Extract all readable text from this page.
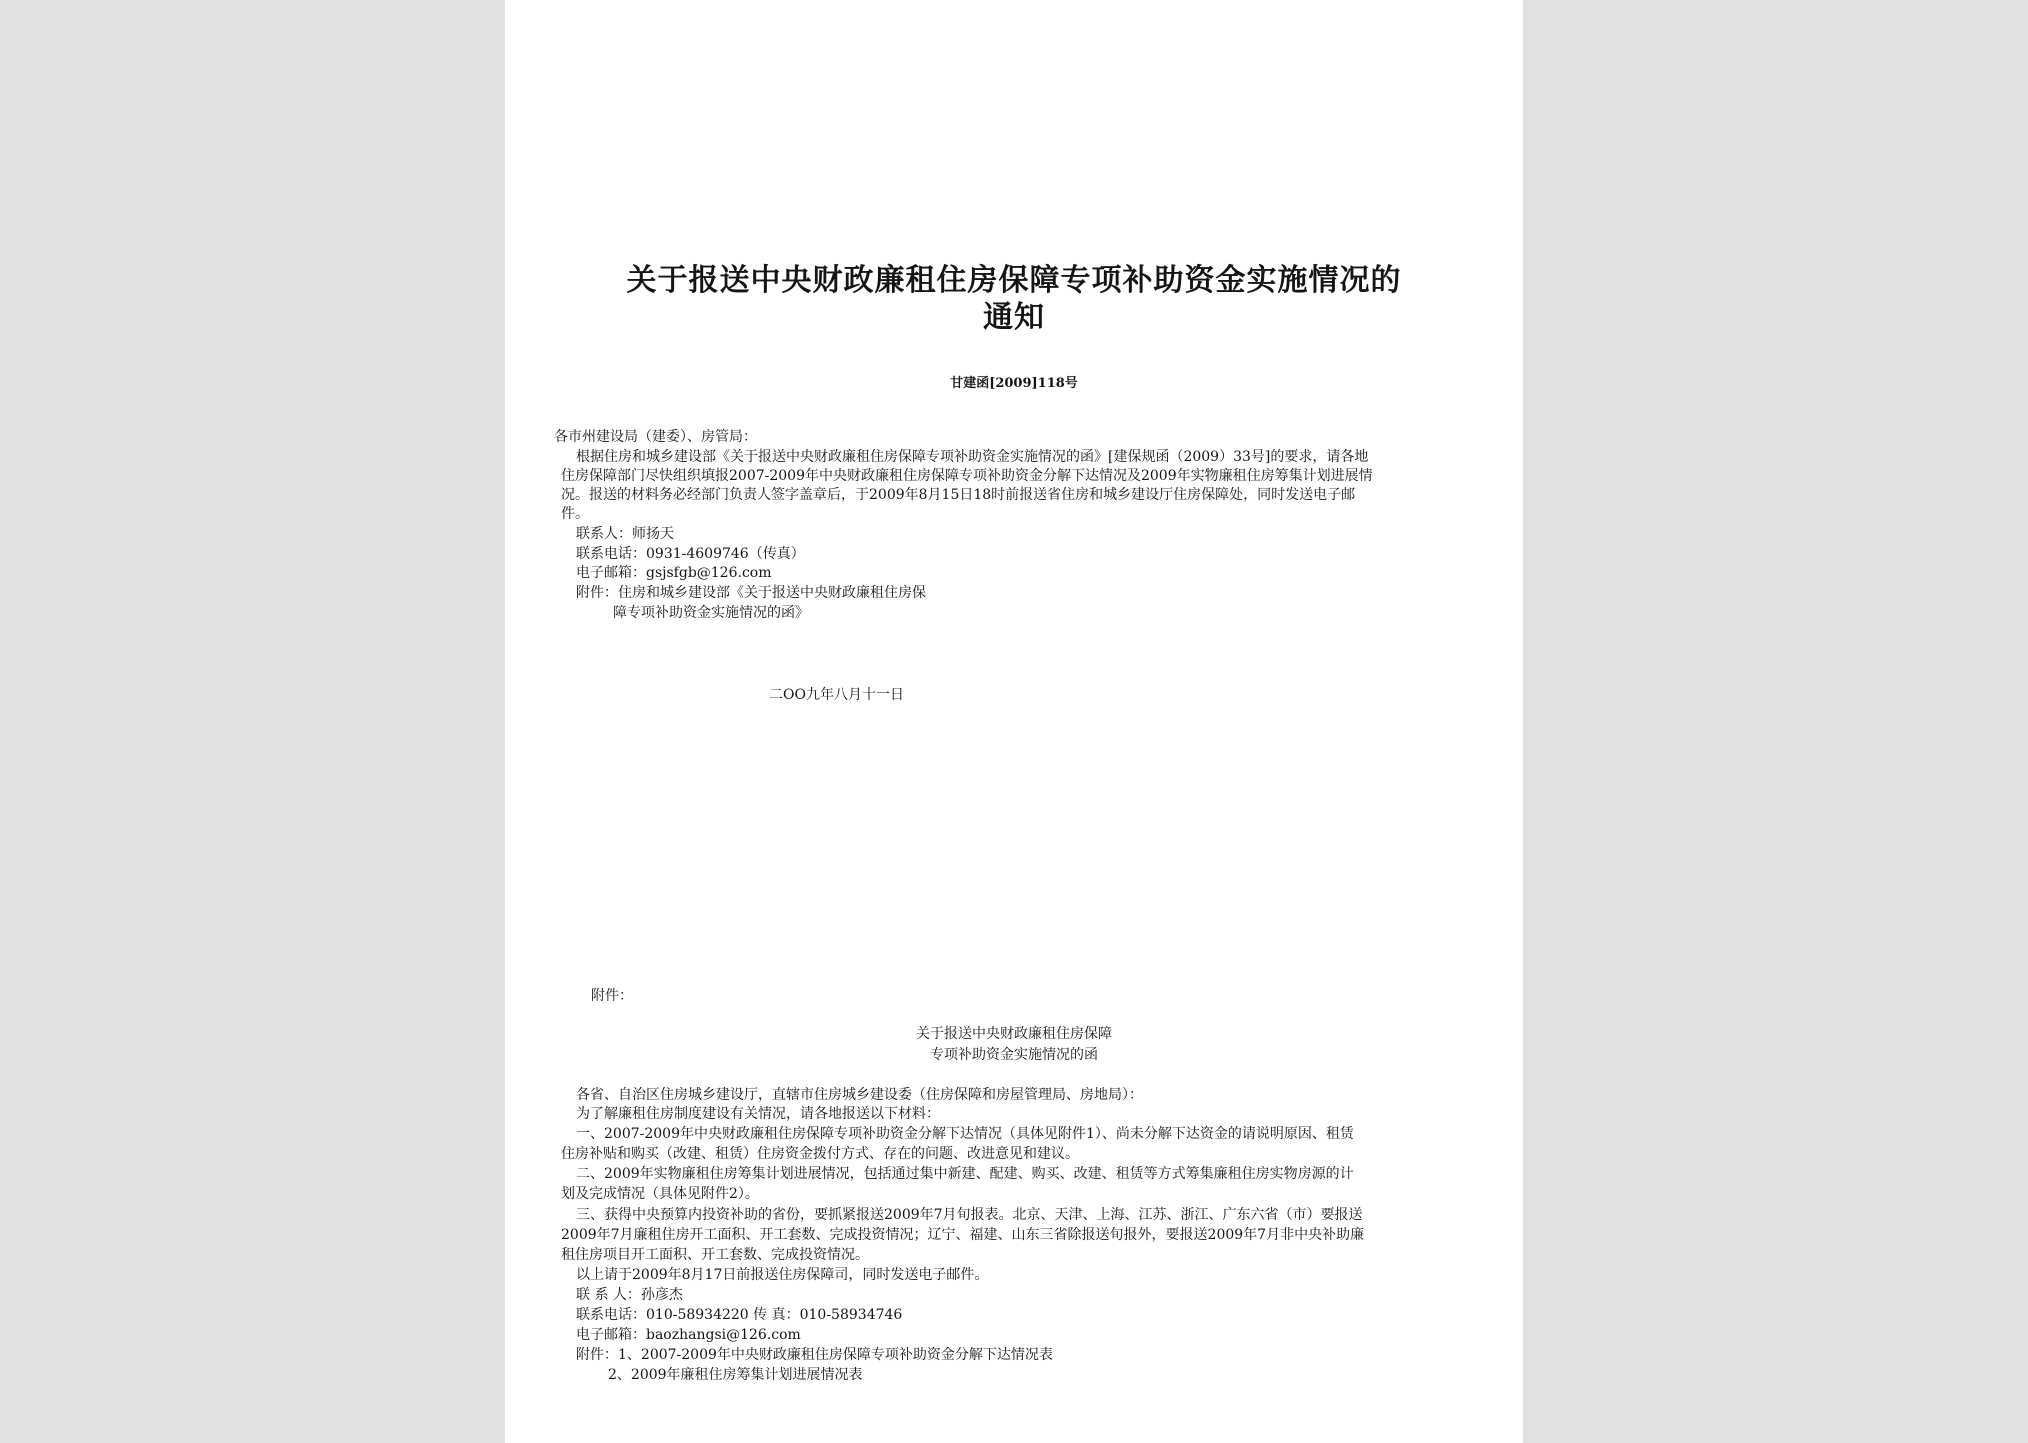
关于报送中央财政廉租住房保障专项补助资金实施情况的
通知
甘建函[2009]118号
各市州建设局（建委）、房管局：
根据住房和城乡建设部《关于报送中央财政廉租住房保障专项补助资金实施情况的函》[建保规函（2009）33号]的要求，请各地
住房保障部门尽快组织填报2007-2009年中央财政廉租住房保障专项补助资金分解下达情况及2009年实物廉租住房筹集计划进展情
况。报送的材料务必经部门负责人签字盖章后，于2009年8月15日18时前报送省住房和城乡建设厅住房保障处，同时发送电子邮
件。
联系人：师扬天
联系电话：0931-4609746（传真）
电子邮箱：gsjsfgb@126.com
附件：住房和城乡建设部《关于报送中央财政廉租住房保
障专项补助资金实施情况的函》
二OO九年八月十一日
附件：
关于报送中央财政廉租住房保障
专项补助资金实施情况的函
各省、自治区住房城乡建设厅，直辖市住房城乡建设委（住房保障和房屋管理局、房地局）：
为了解廉租住房制度建设有关情况，请各地报送以下材料：
一、2007-2009年中央财政廉租住房保障专项补助资金分解下达情况（具体见附件1）、尚未分解下达资金的请说明原因、租赁
住房补贴和购买（改建、租赁）住房资金拨付方式、存在的问题、改进意见和建议。
二、2009年实物廉租住房筹集计划进展情况，包括通过集中新建、配建、购买、改建、租赁等方式筹集廉租住房实物房源的计
划及完成情况（具体见附件2）。
三、获得中央预算内投资补助的省份，要抓紧报送2009年7月旬报表。北京、天津、上海、江苏、浙江、广东六省（市）要报送
2009年7月廉租住房开工面积、开工套数、完成投资情况；辽宁、福建、山东三省除报送旬报外，要报送2009年7月非中央补助廉
租住房项目开工面积、开工套数、完成投资情况。
以上请于2009年8月17日前报送住房保障司，同时发送电子邮件。
联 系 人：孙彦杰
联系电话：010-58934220 传 真：010-58934746
电子邮箱：baozhangsi@126.com
附件：1、2007-2009年中央财政廉租住房保障专项补助资金分解下达情况表
2、2009年廉租住房筹集计划进展情况表
